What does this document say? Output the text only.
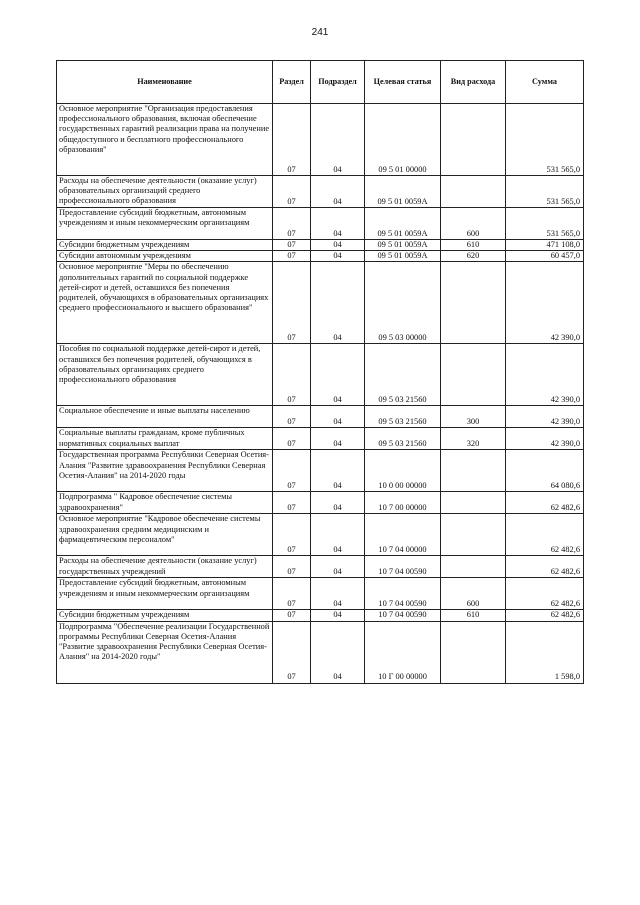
241
Наименование	Раздел	Подраздел	Целевая статья	Вид расхода	Сумма
Основное мероприятие "Организация предоставления профессионального образования, включая обеспечение государственных гарантий реализации права на получение общедоступного и бесплатного профессионального образования"	07	04	09 5 01 00000		531 565,0
Расходы на обеспечение деятельности (оказание услуг) образовательных организаций среднего профессионального образования	07	04	09 5 01 0059А		531 565,0
Предоставление субсидий бюджетным, автономным учреждениям и иным некоммерческим организациям	07	04	09 5 01 0059А	600	531 565,0
Субсидии бюджетным учреждениям	07	04	09 5 01 0059А	610	471 108,0
Субсидии автономным учреждениям	07	04	09 5 01 0059А	620	60 457,0
Основное мероприятие "Меры по обеспечению дополнительных гарантий по социальной поддержке детей-сирот и детей, оставшихся без попечения родителей, обучающихся в образовательных организациях среднего профессионального и высшего образования"	07	04	09 5 03 00000		42 390,0
Пособия по социальной поддержке детей-сирот и детей, оставшихся без попечения родителей, обучающихся в образовательных организациях среднего профессионального образования	07	04	09 5 03 21560		42 390,0
Социальное обеспечение и иные выплаты населению	07	04	09 5 03 21560	300	42 390,0
Социальные выплаты гражданам, кроме публичных нормативных социальных выплат	07	04	09 5 03 21560	320	42 390,0
Государственная программа Республики Северная Осетия-Алания "Развитие здравоохранения Республики Северная Осетия-Алания" на 2014-2020 годы	07	04	10 0 00 00000		64 080,6
Подпрограмма " Кадровое обеспечение системы здравоохранения"	07	04	10 7 00 00000		62 482,6
Основное мероприятие "Кадровое обеспечение системы здравоохранения средним медицинским и фармацевтическим персоналом"	07	04	10 7 04 00000		62 482,6
Расходы на обеспечение деятельности (оказание услуг) государственных учреждений	07	04	10 7 04 00590		62 482,6
Предоставление субсидий бюджетным, автономным учреждениям и иным некоммерческим организациям	07	04	10 7 04 00590	600	62 482,6
Субсидии бюджетным учреждениям	07	04	10 7 04 00590	610	62 482,6
Подпрограмма "Обеспечение реализации Государственной программы Республики Северная Осетия-Алания "Развитие здравоохранения Республики Северная Осетия-Алания" на 2014-2020 годы"	07	04	10 Г 00 00000		1 598,0
